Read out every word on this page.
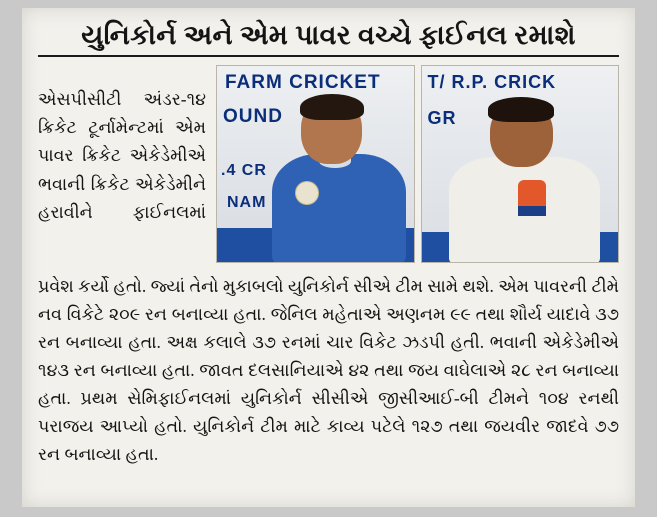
યુનિકોર્ન અને એમ પાવર વચ્ચે ફાઈનલ રમાશે

એસપીસીટી અંડર-૧૪ ક્રિકેટ ટૂર્નામેન્ટમાં એમ પાવર ક્રિકેટ એકેડેમીએ ભવાની ક્રિકેટ એકેડેમીને હરાવીને ફાઈનલમાં

FARM CRICKET
OUND
.4 CR
NAM
T/ R.P. CRICK
GR

પ્રવેશ કર્યો હતો. જ્યાં તેનો મુકાબલો યુનિકોર્ન સીએ ટીમ સામે થશે. એમ પાવરની ટીમે નવ વિકેટે ૨૦૯ રન બનાવ્યા હતા. જેનિલ મહેતાએ અણનમ ૯૯ તથા શૌર્ય યાદાવે ૩૭ રન બનાવ્યા હતા. અક્ષ કલાલે ૩૭ રનમાં ચાર વિકેટ ઝડપી હતી. ભવાની એકેડેમીએ ૧૪૩ રન બનાવ્યા હતા. જાવત દલસાનિયાએ ૪૨ તથા જય વાઘેલાએ ૨૮ રન બનાવ્યા હતા. પ્રથમ સેમિફાઈનલમાં યુનિકોર્ન સીસીએ જીસીઆઈ-બી ટીમને ૧૦૪ રનથી પરાજય આપ્યો હતો. યુનિકોર્ન ટીમ માટે કાવ્ય પટેલે ૧૨૭ તથા જયવીર જાદવે ૭૭ રન બનાવ્યા હતા.
